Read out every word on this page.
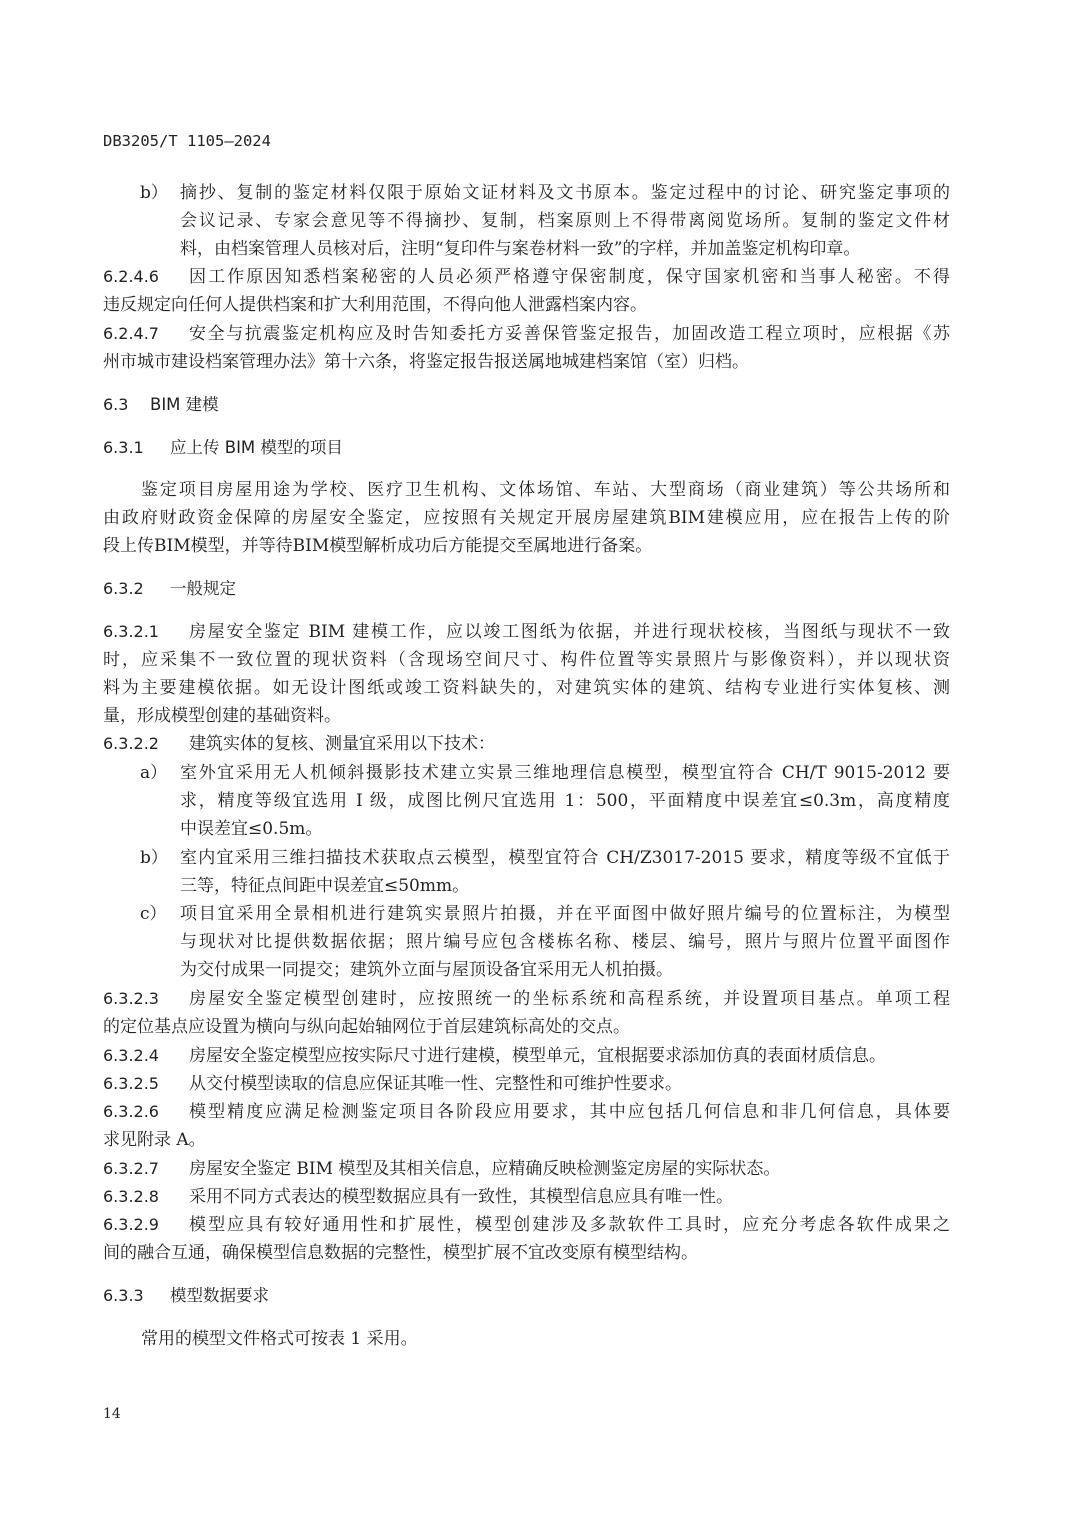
DB3205/T 1105—2024
14
b） 摘抄、复制的鉴定材料仅限于原始文证材料及文书原本。鉴定过程中的讨论、研究鉴定事项的
会议记录、专家会意见等不得摘抄、复制，档案原则上不得带离阅览场所。复制的鉴定文件材
料，由档案管理人员核对后，注明“复印件与案卷材料一致”的字样，并加盖鉴定机构印章。
6.2.4.6 因工作原因知悉档案秘密的人员必须严格遵守保密制度，保守国家机密和当事人秘密。不得
违反规定向任何人提供档案和扩大利用范围，不得向他人泄露档案内容。
6.2.4.7 安全与抗震鉴定机构应及时告知委托方妥善保管鉴定报告，加固改造工程立项时，应根据《苏
州市城市建设档案管理办法》第十六条，将鉴定报告报送属地城建档案馆（室）归档。
6.3 BIM 建模
6.3.1 应上传 BIM 模型的项目
鉴定项目房屋用途为学校、医疗卫生机构、文体场馆、车站、大型商场（商业建筑）等公共场所和
由政府财政资金保障的房屋安全鉴定，应按照有关规定开展房屋建筑BIM建模应用，应在报告上传的阶
段上传BIM模型，并等待BIM模型解析成功后方能提交至属地进行备案。
6.3.2 一般规定
6.3.2.1 房屋安全鉴定 BIM 建模工作，应以竣工图纸为依据，并进行现状校核，当图纸与现状不一致
时，应采集不一致位置的现状资料（含现场空间尺寸、构件位置等实景照片与影像资料），并以现状资
料为主要建模依据。如无设计图纸或竣工资料缺失的，对建筑实体的建筑、结构专业进行实体复核、测
量，形成模型创建的基础资料。
6.3.2.2 建筑实体的复核、测量宜采用以下技术：
a） 室外宜采用无人机倾斜摄影技术建立实景三维地理信息模型，模型宜符合 CH/T 9015-2012 要
求，精度等级宜选用 I 级，成图比例尺宜选用 1：500，平面精度中误差宜≤0.3m，高度精度
中误差宜≤0.5m。
b） 室内宜采用三维扫描技术获取点云模型，模型宜符合 CH/Z3017-2015 要求，精度等级不宜低于
三等，特征点间距中误差宜≤50mm。
c） 项目宜采用全景相机进行建筑实景照片拍摄，并在平面图中做好照片编号的位置标注，为模型
与现状对比提供数据依据；照片编号应包含楼栋名称、楼层、编号，照片与照片位置平面图作
为交付成果一同提交；建筑外立面与屋顶设备宜采用无人机拍摄。
6.3.2.3 房屋安全鉴定模型创建时，应按照统一的坐标系统和高程系统，并设置项目基点。单项工程
的定位基点应设置为横向与纵向起始轴网位于首层建筑标高处的交点。
6.3.2.4 房屋安全鉴定模型应按实际尺寸进行建模，模型单元，宜根据要求添加仿真的表面材质信息。
6.3.2.5 从交付模型读取的信息应保证其唯一性、完整性和可维护性要求。
6.3.2.6 模型精度应满足检测鉴定项目各阶段应用要求，其中应包括几何信息和非几何信息，具体要
求见附录 A。
6.3.2.7 房屋安全鉴定 BIM 模型及其相关信息，应精确反映检测鉴定房屋的实际状态。
6.3.2.8 采用不同方式表达的模型数据应具有一致性，其模型信息应具有唯一性。
6.3.2.9 模型应具有较好通用性和扩展性，模型创建涉及多款软件工具时，应充分考虑各软件成果之
间的融合互通，确保模型信息数据的完整性，模型扩展不宜改变原有模型结构。
6.3.3 模型数据要求
常用的模型文件格式可按表 1 采用。
